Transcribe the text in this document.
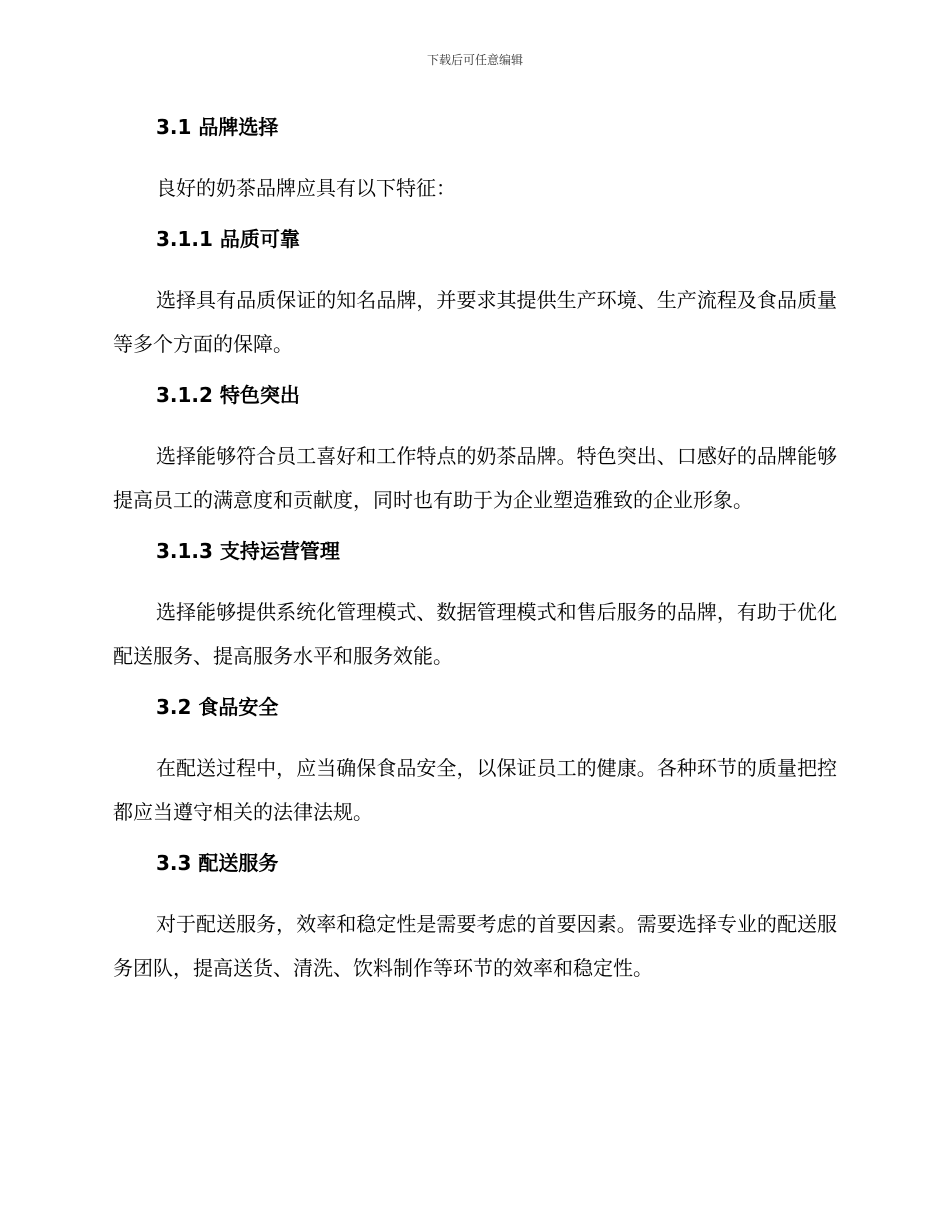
下载后可任意编辑
3.1 品牌选择

良好的奶茶品牌应具有以下特征：

3.1.1 品质可靠

选择具有品质保证的知名品牌，并要求其提供生产环境、生产流程及食品质量等多个方面的保障。

3.1.2 特色突出

选择能够符合员工喜好和工作特点的奶茶品牌。特色突出、口感好的品牌能够提高员工的满意度和贡献度，同时也有助于为企业塑造雅致的企业形象。

3.1.3 支持运营管理

选择能够提供系统化管理模式、数据管理模式和售后服务的品牌，有助于优化配送服务、提高服务水平和服务效能。

3.2 食品安全

在配送过程中，应当确保食品安全，以保证员工的健康。各种环节的质量把控都应当遵守相关的法律法规。

3.3 配送服务

对于配送服务，效率和稳定性是需要考虑的首要因素。需要选择专业的配送服务团队，提高送货、清洗、饮料制作等环节的效率和稳定性。
